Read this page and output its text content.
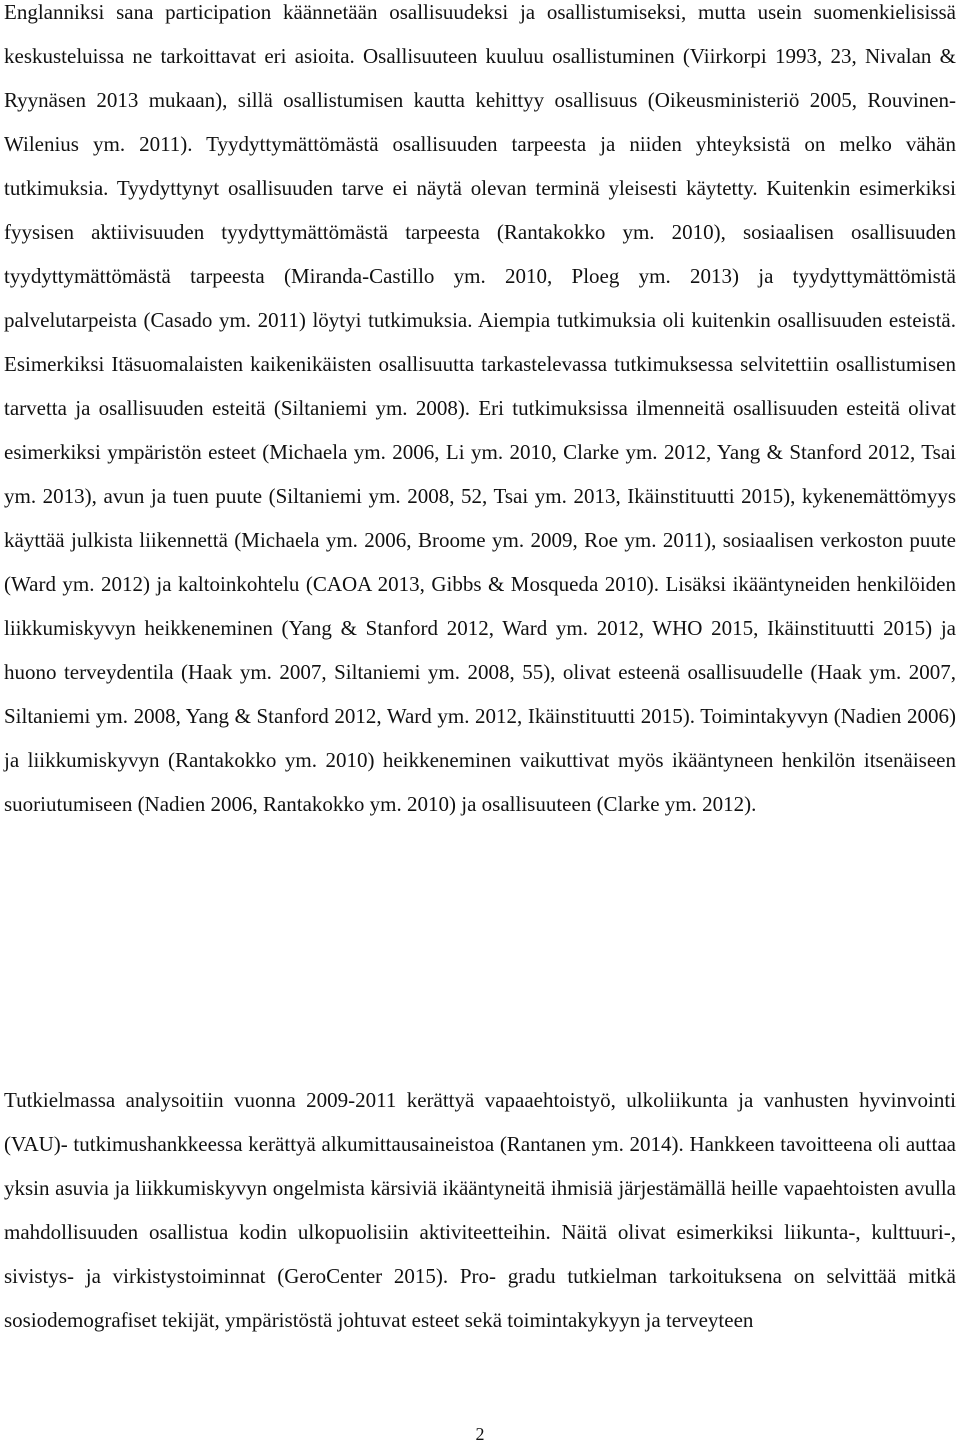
Englanniksi sana participation käännetään osallisuudeksi ja osallistumiseksi, mutta usein suomenkielisissä keskusteluissa ne tarkoittavat eri asioita. Osallisuuteen kuuluu osallistuminen (Viirkorpi 1993, 23, Nivalan & Ryynäsen 2013 mukaan), sillä osallistumisen kautta kehittyy osallisuus (Oikeusministeriö 2005, Rouvinen-Wilenius ym. 2011). Tyydyttymättömästä osallisuuden tarpeesta ja niiden yhteyksistä on melko vähän tutkimuksia. Tyydyttynyt osallisuuden tarve ei näytä olevan terminä yleisesti käytetty. Kuitenkin esimerkiksi fyysisen aktiivisuuden tyydyttymättömästä tarpeesta (Rantakokko ym. 2010), sosiaalisen osallisuuden tyydyttymättömästä tarpeesta (Miranda-Castillo ym. 2010, Ploeg ym. 2013) ja tyydyttymättömistä palvelutarpeista (Casado ym. 2011) löytyi tutkimuksia. Aiempia tutkimuksia oli kuitenkin osallisuuden esteistä. Esimerkiksi Itäsuomalaisten kaikenikäisten osallisuutta tarkastelevassa tutkimuksessa selvitettiin osallistumisen tarvetta ja osallisuuden esteitä (Siltaniemi ym. 2008). Eri tutkimuksissa ilmenneitä osallisuuden esteitä olivat esimerkiksi ympäristön esteet (Michaela ym. 2006, Li ym. 2010, Clarke ym. 2012, Yang & Stanford 2012, Tsai ym. 2013), avun ja tuen puute (Siltaniemi ym. 2008, 52, Tsai ym. 2013, Ikäinstituutti 2015), kykenemättömyys käyttää julkista liikennettä (Michaela ym. 2006, Broome ym. 2009, Roe ym. 2011), sosiaalisen verkoston puute (Ward ym. 2012) ja kaltoinkohtelu (CAOA 2013, Gibbs & Mosqueda 2010). Lisäksi ikääntyneiden henkilöiden liikkumiskyvyn heikkeneminen (Yang & Stanford 2012, Ward ym. 2012, WHO 2015, Ikäinstituutti 2015) ja huono terveydentila (Haak ym. 2007, Siltaniemi ym. 2008, 55), olivat esteenä osallisuudelle (Haak ym. 2007, Siltaniemi ym. 2008, Yang & Stanford 2012, Ward ym. 2012, Ikäinstituutti 2015). Toimintakyvyn (Nadien 2006) ja liikkumiskyvyn (Rantakokko ym. 2010) heikkeneminen vaikuttivat myös ikääntyneen henkilön itsenäiseen suoriutumiseen (Nadien 2006, Rantakokko ym. 2010) ja osallisuuteen (Clarke ym. 2012).

Tutkielmassa analysoitiin vuonna 2009-2011 kerättyä vapaaehtoistyö, ulkoliikunta ja vanhusten hyvinvointi (VAU)- tutkimushankkeessa kerättyä alkumittausaineistoa (Rantanen ym. 2014). Hankkeen tavoitteena oli auttaa yksin asuvia ja liikkumiskyvyn ongelmista kärsiviä ikääntyneitä ihmisiä järjestämällä heille vapaehtoisten avulla mahdollisuuden osallistua kodin ulkopuolisiin aktiviteetteihin. Näitä olivat esimerkiksi liikunta-, kulttuuri-, sivistys- ja virkistystoiminnat (GeroCenter 2015). Pro- gradu tutkielman tarkoituksena on selvittää mitkä sosiodemografiset tekijät, ympäristöstä johtuvat esteet sekä toimintakykyyn ja terveyteen

2
